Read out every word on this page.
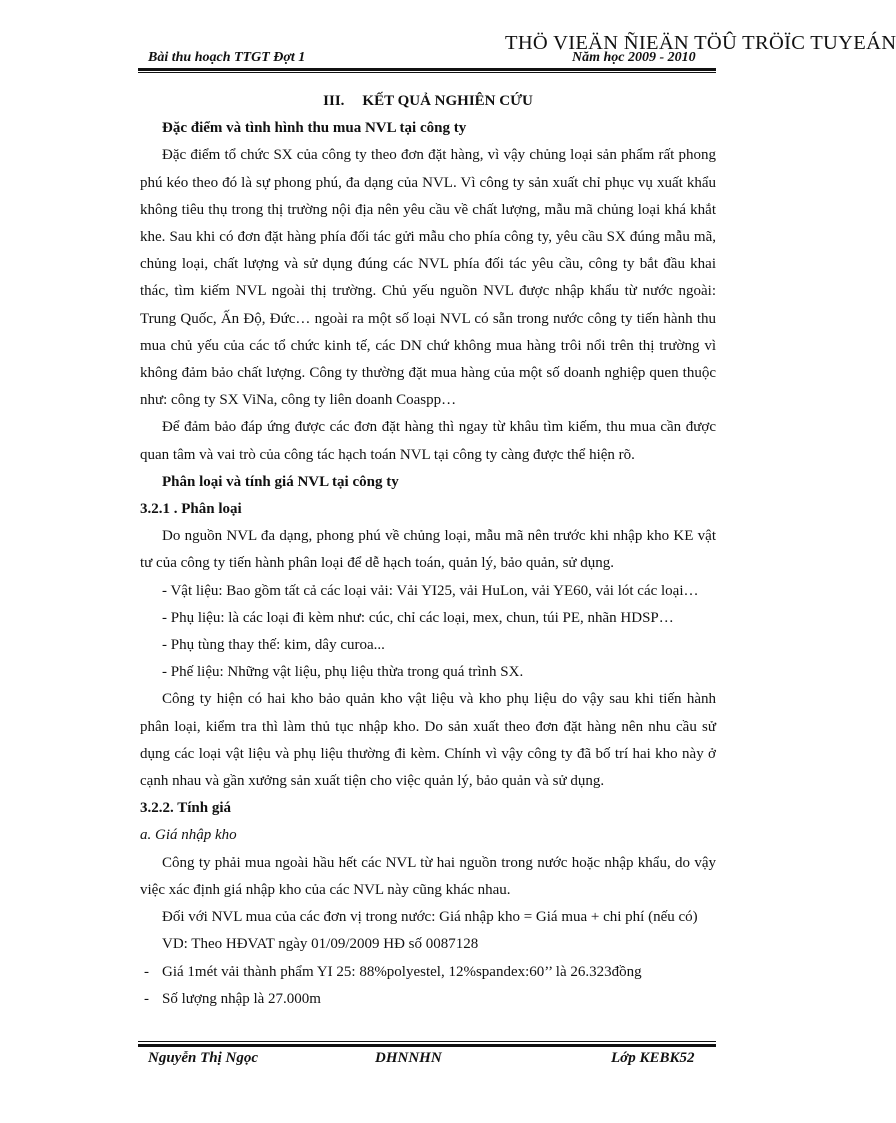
THÖ VIEÄN ÑIEÄN TÖÛ TRÖÏC TUYEÁN
Bài thu hoạch TTGT Đợt 1	Năm học 2009 - 2010

III. KẾT QUẢ NGHIÊN CỨU

Đặc điểm và tình hình thu mua NVL tại công ty

Đặc điểm tổ chức SX của công ty theo đơn đặt hàng, vì vậy chủng loại sản phẩm rất phong phú kéo theo đó là sự phong phú, đa dạng của NVL. Vì công ty sản xuất chỉ phục vụ xuất khẩu không tiêu thụ trong thị trường nội địa nên yêu cầu về chất lượng, mẫu mã chủng loại khá khắt khe. Sau khi có đơn đặt hàng phía đối tác gửi mẫu cho phía công ty, yêu cầu SX đúng mẫu mã, chủng loại, chất lượng và sử dụng đúng các NVL phía đối tác yêu cầu, công ty bắt đầu khai thác, tìm kiếm NVL ngoài thị trường. Chủ yếu nguồn NVL được nhập khẩu từ nước ngoài: Trung Quốc, Ấn Độ, Đức… ngoài ra một số loại NVL có sẵn trong nước công ty tiến hành thu mua chủ yếu của các tổ chức kinh tế, các DN chứ không mua hàng trôi nổi trên thị trường vì không đảm bảo chất lượng. Công ty thường đặt mua hàng của một số doanh nghiệp quen thuộc như: công ty SX ViNa, công ty liên doanh Coaspp…

Để đảm bảo đáp ứng được các đơn đặt hàng thì ngay từ khâu tìm kiếm, thu mua cần được quan tâm và vai trò của công tác hạch toán NVL tại công ty càng được thể hiện rõ.

Phân loại và tính giá NVL tại công ty

3.2.1 . Phân loại

Do nguồn NVL đa dạng, phong phú về chủng loại, mẫu mã nên trước khi nhập kho KE vật tư của công ty tiến hành phân loại để dễ hạch toán, quản lý, bảo quản, sử dụng.

- Vật liệu: Bao gồm tất cả các loại vải: Vải YI25, vải HuLon, vải YE60, vải lót các loại…

- Phụ liệu: là các loại đi kèm như: cúc, chỉ các loại, mex, chun, túi PE, nhãn HDSP…

- Phụ tùng thay thế: kim, dây curoa...

- Phế liệu: Những vật liệu, phụ liệu thừa trong quá trình SX.

Công ty hiện có hai kho bảo quản kho vật liệu và kho phụ liệu do vậy sau khi tiến hành phân loại, kiểm tra thì làm thủ tục nhập kho. Do sản xuất theo đơn đặt hàng nên nhu cầu sử dụng các loại vật liệu và phụ liệu thường đi kèm. Chính vì vậy công ty đã bố trí hai kho này ở cạnh nhau và gần xưởng sản xuất tiện cho việc quản lý, bảo quản và sử dụng.

3.2.2. Tính giá

a. Giá nhập kho

Công ty phải mua ngoài hầu hết các NVL từ hai nguồn trong nước hoặc nhập khẩu, do vậy việc xác định giá nhập kho của các NVL này cũng khác nhau.

Đối với NVL mua của các đơn vị trong nước: Giá nhập kho = Giá mua + chi phí (nếu có)

VD: Theo HĐVAT ngày 01/09/2009 HĐ số 0087128

- Giá 1mét vải thành phẩm YI 25: 88%polyestel, 12%spandex:60’’ là 26.323đồng

- Số lượng nhập là 27.000m

Nguyễn Thị Ngọc	DHNNHN	Lớp KEBK52
